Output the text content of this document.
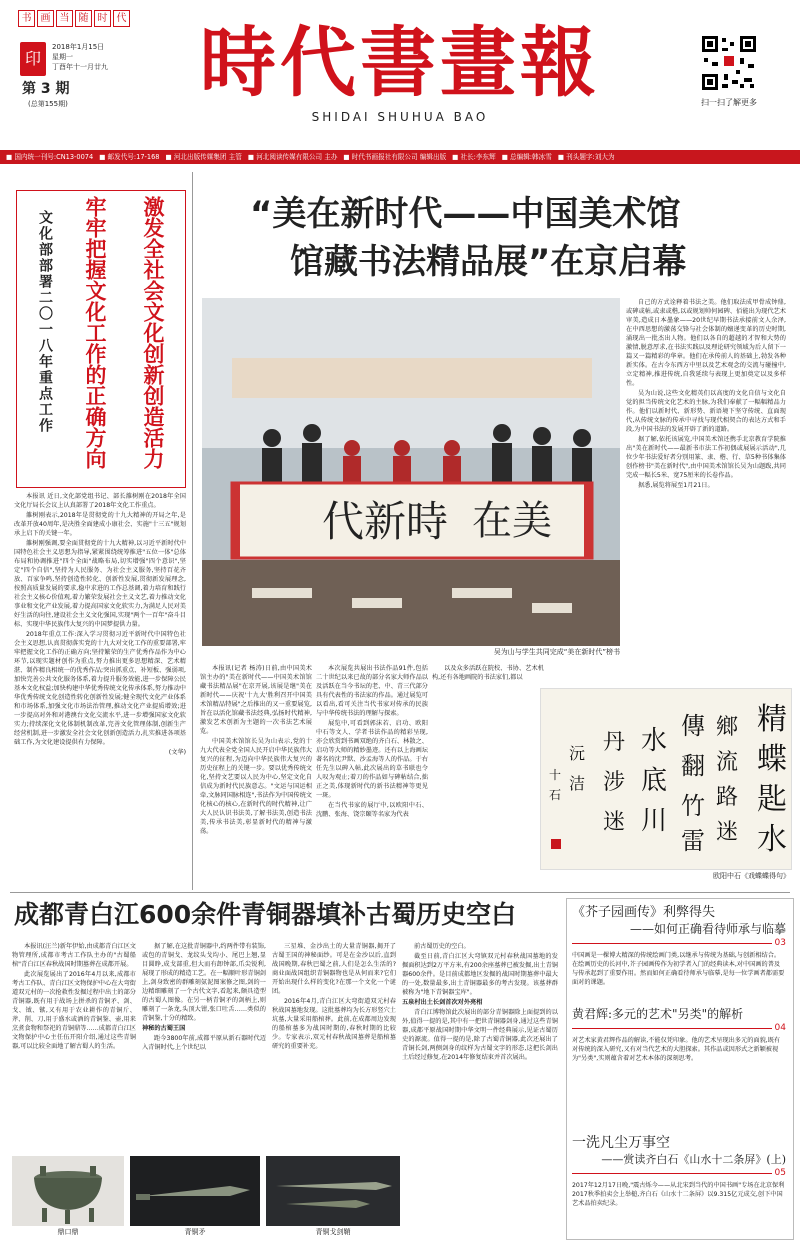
书 画 当 随 时 代
印
2018年1月15日
星期一
丁酉年十一月廿九
第 3 期
(总第155期)	時代書畫報
SHIDAI SHUHUA BAO
扫一扫了解更多
■ 国内统一刊号:CN13-0074 ■ 邮发代号:17-168 ■ 河北出版传媒集团 主管 ■ 河北阅读传媒有限公司 主办 ■ 时代书画报社有限公司 编辑出版 ■ 社长:李东辉 ■ 总编辑:韩冰雪 ■ 刊头题字:刘大为
激发全社会文化创新创造活力
牢牢把握文化工作的正确方向
文化部部署二〇一八年重点工作

本报讯 近日,文化部党组书记、部长雒树刚在2018年全国文化厅局长会议上认真部署了2018年文化工作重点。

雒树刚表示,2018年是贯彻党的十九大精神的开局之年,是改革开放40周年,是决胜全面建成小康社会、实施"十三五"规划承上启下的关键一年。

雒树刚强调,要全面贯彻党的十九大精神,以习近平新时代中国特色社会主义思想为指导,紧紧围绕统筹推进"五位一体"总体布局和协调推进"四个全面"战略布局,切实增强"四个意识",坚定"四个自信",坚持为人民服务、为社会主义服务,坚持百花齐放、百家争鸣,坚持创造性转化、创新性发展,贯彻新发展理念,按照高质量发展的要求,稳中求进的工作总基调,着力培育和践行社会主义核心价值观,着力繁荣发展社会主义文艺,着力推动文化事业和文化产业发展,着力提高国家文化软实力,为满足人民对美好生活的向往,建设社会主义文化强国,实现"两个一百年"奋斗目标、实现中华民族伟大复兴的中国梦提供力量。

2018年重点工作:深入学习贯彻习近平新时代中国特色社会主义思想,认真贯彻落实党的十九大对文化工作的重要部署,牢牢把握文化工作的正确方向;坚持繁荣的生产优秀作品作为中心环节,以现实题材创作为重点,努力推出更多思想精深、艺术精湛、制作精良相统一的优秀作品;突出抓重点、补短板、强弱项,加快完善公共文化服务体系,着力提升服务效能,进一步保障公民基本文化权益;加快构建中华优秀传统文化传承体系,努力推动中华优秀传统文化创造性转化创新性发展;健全现代文化产业体系和市场体系,加强文化市场法治管理,推动文化产业提质增效;进一步提高对外和对港澳台文化交流水平,进一步增强国家文化软实力;持续深化文化体制机制改革,完善文化管理体制,创新生产经营机制,进一步激发全社会文化创新创造活力,扎实推进各项基础工作,为文化建设提供有力保障。

(文华)
“美在新时代——中国美术馆
馆藏书法精品展”在京启幕
代新時 在美
吴为山与学生共同完成“美在新时代”榜书

自己的方式诠释着书法之美。他们取法成甲骨成钟鼎,或碑或帖,或隶或楷,以或规划帅何园碑、佰能出为现代艺术审美,造成日本墨象——20世纪早期书法承接前文人余泽,在中西思想的激荡交锋与社会体制的嬗递变革的历史时期,涌现出一批杰出人物。他们以各自的超越的才智和大势的激情,脱意厚求,在书法实践以及理论研究领域为后人留下一篇又一篇精彩的华章。他们在承传前人的基础上,勃发各种新实体。在古今东西方中里以及艺术观念的交流与碰撞中,立定精神,推进传统,自我延续与表现上更加奠定以及多样性。

吴为山说,这些文化精英们以高度的文化自信与文化自觉的担当传统文化艺术的主脉,为我们奉献了一幅幅精品力作。他们以新时代、新形势、新语境下坚守传统、直面现代,从传统文脉的传承中寻找与现代相契合的表达方式和手段,为中国书法的发展开辟了新的道路。

据了解,依托该展览,中国美术馆还携手北京教育学院推出"美在新时代——最新书市法工作初偶或展展示活动",几位少年书法爱好者分别用篆、隶、楷、行、草5种书体集体创作榜书"美在新时代",由中国美术馆馆长吴为山题跋,共同完成一幅长5米、宽75厘米的长卷作品。

据悉,展览将展至1月21日。

本报讯(记者 杨涛)日前,由中国美术馆主办的"美在新时代——中国美术馆馆藏书法精品展"在京开展,该展是继"美在新时代——庆祝'十九大'胜利召开中国美术馆精品特展"之后推出的又一重要展览,旨在以活化馆藏书法经典,弘扬时代精神,激发艺术创新为主题的一次书法艺术展览。

中国美术馆馆长吴为山表示,党的十九大代表全党全国人民开启中华民族伟大复兴的征程,为迈向中华民族伟大复兴的历史征程上的关键一步。要以优秀传统文化,坚持文艺要以人民为中心,坚定文化自信成为新时代民族意志。"文运与国运相牵,文脉同国脉相连",书法作为中国传统文化核心的核心,在新时代的时代精神,让广大人民认识书法美,了解书法美,创造书法美,传承书法美,彰显新时代的精神与激荡。

本次展览共展出书法作品91件,包括二十世纪以来已故的部分名家大师作品以及活跃在当今书坛的老、中、青三代部分具有代表性的书法家的作品。通过展览可以看出,看可关注当代书家对传承的民族与中华传统书法的理解与探索。

展览中,可看到郭沫若、启功、欧阳中石等文人、学者书法作品的精彩呈现,亦会欣赏到书画双绝的齐白石、林散之、启功等大师的精妙墨迹。还有以上海画坛著名的沈尹默、沙孟海等人的作品。于右任先生以碑入帖,此次展出的草书联也令人叹为观止;着刀的作品如与碑帖结合,拙正之美,体现新时代的新书法精神等更见一斑。

在当代书家的展厅中,以欧阳中石、沈鹏、张海、饶宗颐等名家为代表

以及众多活跃在院校、书协、艺术机构,还有各地画院的书法家们,都以

精
蝶
匙
水
鄉
流
路
迷
傳
翻
竹
雷
水
底
川
丹
涉
迷
沅
洁
十
石
欧阳中石《戏蝶蝶得句》
成都青白江600余件青铜器填补古蜀历史空白

本报讯(汪兰)新年伊始,由成都青白江区文物管理所,成都市考古工作队主办的"古蜀船棺"青白江区春秋战国时期墓葬在成都开展。

此次展览展出了2016年4月以来,成都市考古工作队、青白江区文物保护中心在大弯街道双元村的一次抢救性发掘过程中出土的部分青铜器,既有用于战场上拼杀的青铜矛、剑、戈、钺、镞,又有用于农业耕作的青铜斤、斧、削、刀,用于盛水或酒的青铜鉴、壶,用来烹煮食物和祭祀的青铜鼎等……成都青白江区文物保护中心主任伍开阳介绍,通过这些青铜器,可以比较全面地了解古蜀人的生活。

据了解,在这批青铜器中,约两件带有装饰,或包的青铜戈、龙纹头戈均小、尾巴上翘,显目圆睁,成戈部重,但大而有卸钟部,爪尖锐利,展现了形成的精造工艺。在一幅顺叶形青铜剑上,剑身致密的群雕刻氨泥图案修之图,剑的一边精细雕刻了一个古代文字,看起来,颇具造型的古蜀人图像。在另一柄青铜矛的剑柄上,则雕刻了一条龙,头顶大钳,张口吐舌……类似的青铜鉴,十分的精致。

神秘的古蜀王国

距今3800年前,成都平原从新石器时代迈入青铜时代,上个世纪以

三星堆、金沙出土的大量青铜器,揭开了古蜀王国的神秘面纱。可是在金沙以后,直到战国晚期,春秋巴蜀之前,人们是怎么生活的?商业面战国组织青铜器物也是从何而来?它们开始出现什么样的变化?在那一个文化一个谜团。

2016年4月,青白江区大弯街道双元村春秋战国墓地发现。这批墓葬均为长方形竖穴土坑墓,大量采用船棺葬。此前,在成都周边发现的船棺墓多为战国时期的,春秋时期的比较少。专家表示,双元村春秋战国墓葬是船棺墓研究的重要补充。

前古蜀历史的空白。

截至日前,青白江区大弯镇双元村春秋战国墓地的发掘面积达到2万平方米,有200余座墓葬已被发掘,出土青铜器600余件。是目前成都地区发掘的战国时期墓葬中最大的一处,数量最多,出土青铜器最多的考古发现。该墓葬群被称为"地下青铜器宝库"。

五泉村出土长剑首次对外亮相

青白江博物馆此次展出的部分青铜器除上面提到的以外,值得一提的是,其中有一把世青铜器剑身,通过这些青铜器,成都平原战国时期中华文明一件经典展示,见证古蜀历史的源流。值得一提的是,除了古蜀青铜器,此次还展出了青铜长剑,两侧剑身的纹样为古蜀文字的形态,这把长剑出土后经过修复,在2014年修复结束并首次展出。

鼎口鼎	青铜矛	青铜戈剑鞘
《芥子园画传》利弊得失
——如何正确看待师承与临摹
03
中国画是一棵博大精深的传统绘画门类,以继承与传统为基础,与创新相结合。在绘画历史的长河中,芥子园画传作为初学者入门的经典读本,对中国画的普及与传承起到了重要作用。然而如何正确看待师承与临摹,是每一位学画者都需要面对的课题。
黄君辉:多元的艺术"另类"的解析
04
对艺术家黄君辉作品的解读,不能仅凭印象。他的艺术呈现出多元的面貌,既有对传统的深入研究,又有对当代艺术的大胆探索。其作品或因形式之新颖被视为"另类",实则蕴含着对艺术本体的深刻思考。
一洗凡尘万事空
——赏读齐白石《山水十二条屏》(上)
05
2017年12月17日晚,"震古烁今——从北宋到当代的中国书画"专场在北京保利2017秋季拍卖会上举槌,齐白石《山水十二条屏》以9.315亿元成交,创下中国艺术品拍卖纪录。
